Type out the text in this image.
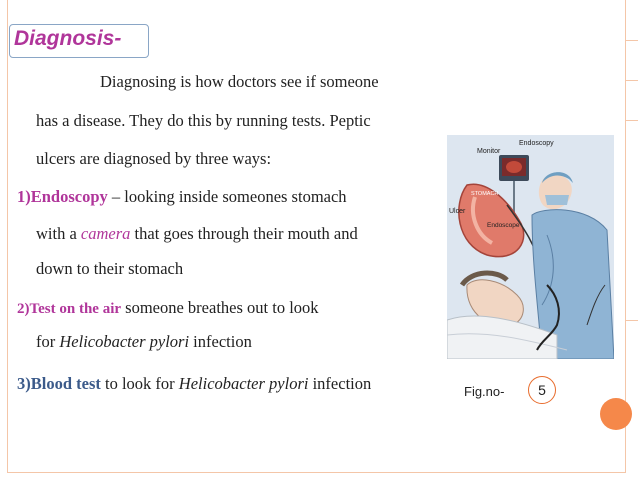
Diagnosis-
Diagnosing is how doctors see if someone
has a disease. They do this by running tests. Peptic
ulcers are diagnosed by three ways:
1)Endoscopy – looking inside someones stomach
with a camera that goes through their mouth and
down to their stomach
2)Test on the air someone breathes out to look
for Helicobacter pylori infection
3)Blood test to look for Helicobacter pylori infection
Endoscopy
Monitor
STOMACH
Ulcer
Endoscope
Fig.no- 5
